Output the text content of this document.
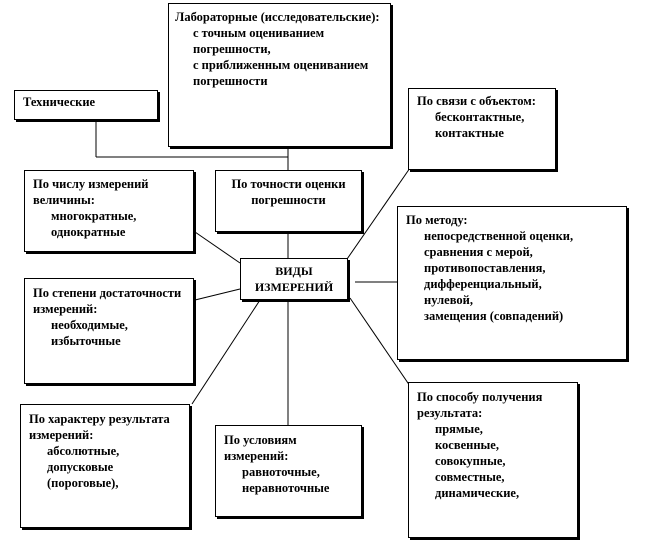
Лабораторные (исследовательские):
с точным оцениванием погрешности,
с приближенным оцениванием погрешности
Технические	По связи с объектом:
бесконтактные,
контактные
По числу измерений величины:
многократные,
однократные
По точности оценки погрешности
По методу:
непосредственной оценки,
сравнения с мерой,
противопоставления,
дифференциальный,
нулевой,
замещения (совпадений)
ВИДЫ ИЗМЕРЕНИЙ
По степени достаточности измерений:
необходимые,
избыточные
По способу получения результата:
прямые,
косвенные,
совокупные,
совместные,
динамические,
По характеру результата измерений:
абсолютные,
допусковые (пороговые),
По условиям измерений:
равноточные,
неравноточные
